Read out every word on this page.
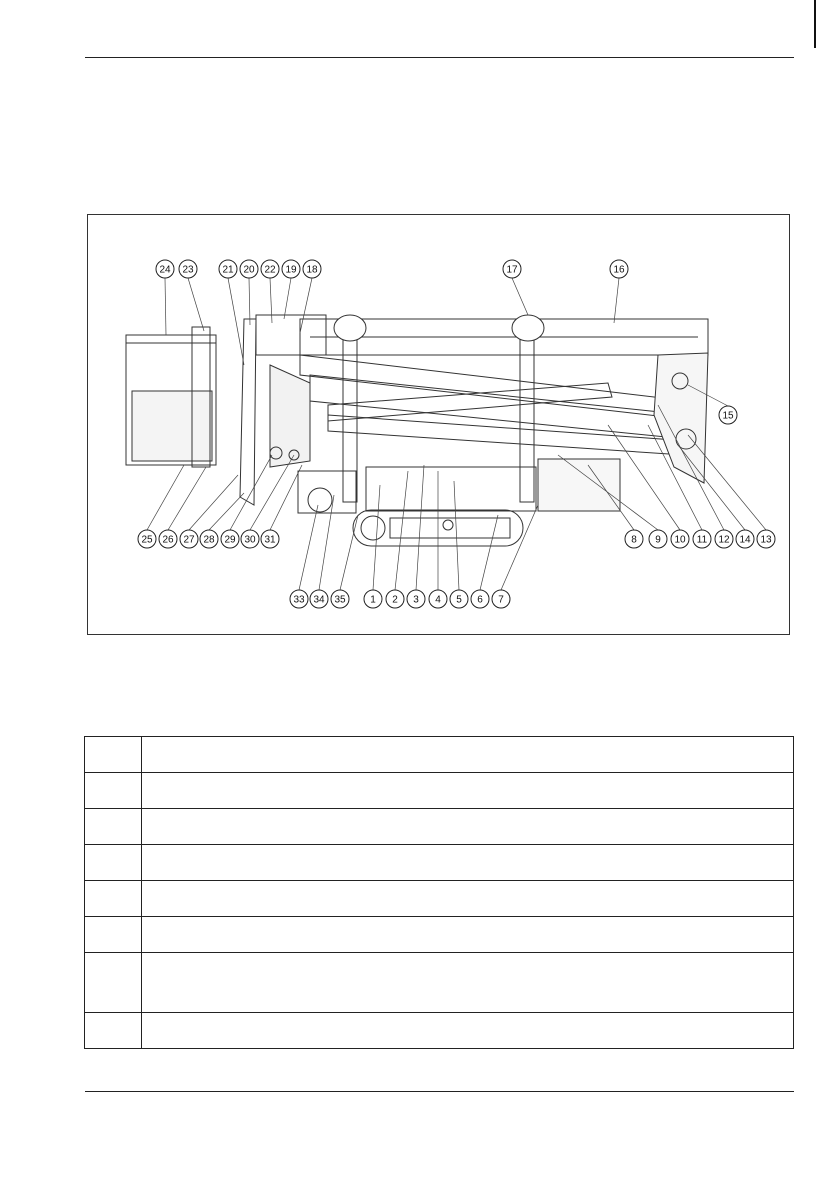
24 23	21 20 22 19 18	17	16
15
25 26 27 28 29 30 31	8 9 10 11 12 14 13
33 34 35 1 2 3 4 5 6 7
